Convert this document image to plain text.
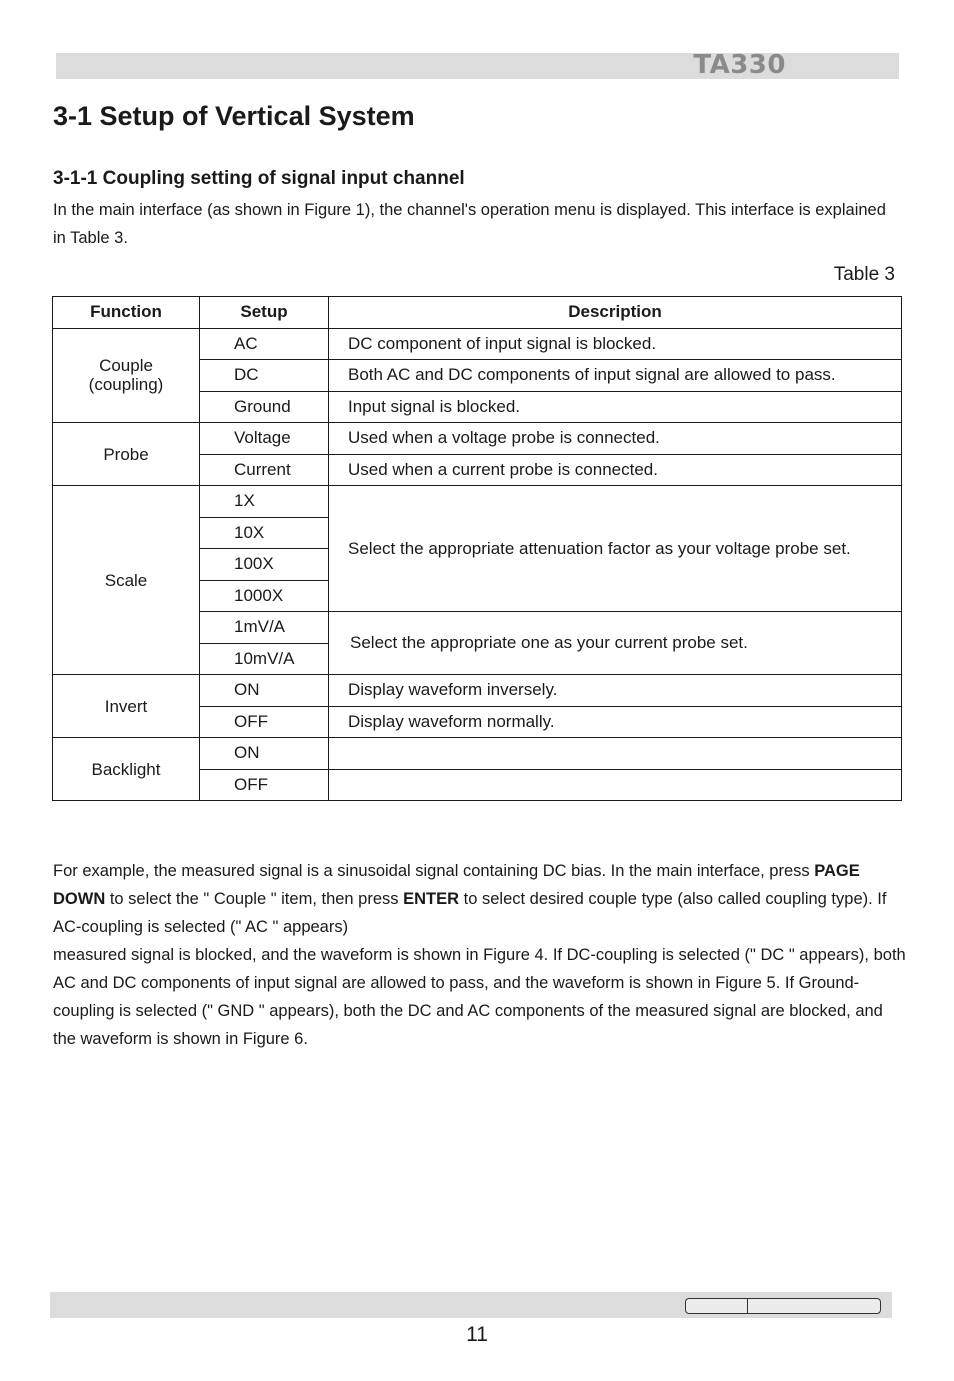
TA330
3-1 Setup of Vertical System
3-1-1 Coupling setting of signal input channel

In the main interface (as shown in Figure 1), the channel's operation menu is displayed. This interface is explained in Table 3.

Table 3
Function	Setup	Description
Couple
(coupling)	AC	DC component of input signal is blocked.
	DC	Both AC and DC components of input signal are allowed to pass.
	Ground	Input signal is blocked.
Probe	Voltage	Used when a voltage probe is connected.
	Current	Used when a current probe is connected.
Scale	1X	Select the appropriate attenuation factor as your voltage probe set.
	10X	
	100X	
	1000X	
	1mV/A	Select the appropriate one as your current probe set.
	10mV/A	
Invert	ON	Display waveform inversely.
	OFF	Display waveform normally.
Backlight	ON	
	OFF	
For example, the measured signal is a sinusoidal signal containing DC bias. In the main interface, press PAGE DOWN to select the " Couple " item, then press ENTER to select desired couple type (also called coupling type). If AC-coupling is selected (" AC " appears)
measured signal is blocked, and the waveform is shown in Figure 4. If DC-coupling is selected (" DC " appears), both AC and DC components of input signal are allowed to pass, and the waveform is shown in Figure 5. If Ground-coupling is selected (" GND " appears), both the DC and AC components of the measured signal are blocked, and the waveform is shown in Figure 6.
11
